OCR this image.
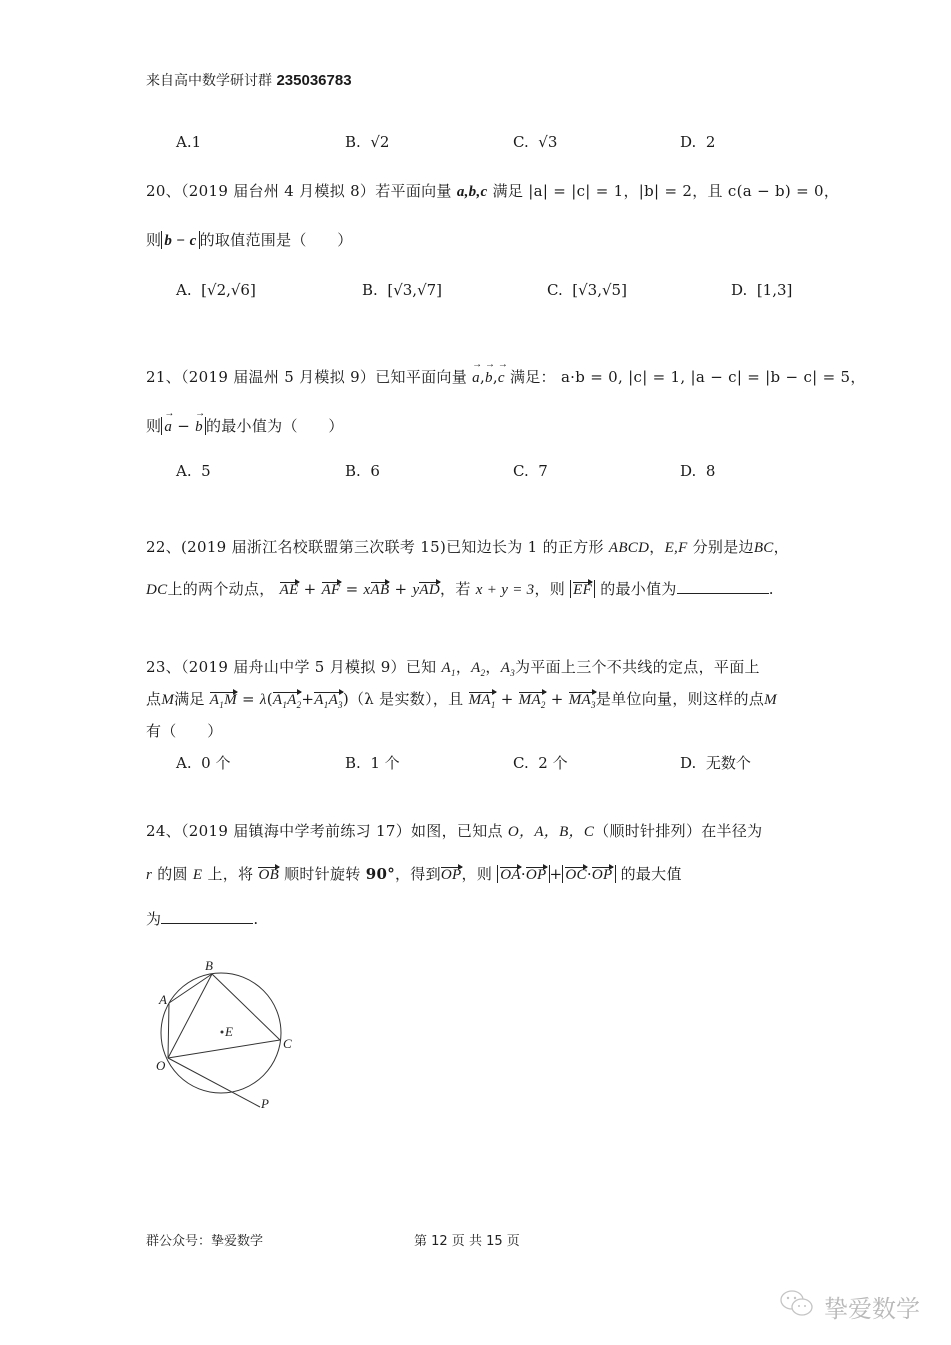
来自高中数学研讨群 235036783
A.1	B. √2	C. √3	D. 2
20、（2019 届台州 4 月模拟 8）若平面向量 a,b,c 满足 |a| = |c| = 1，|b| = 2，且 c(a − b) = 0，
则 b − c 的取值范围是（　　）
A. [√2,√6]	B. [√3,√7]	C. [√3,√5]	D. [1,3]
21、（2019 届温州 5 月模拟 9）已知平面向量 → a,→ b,→ c 满足： a·b = 0, |c| = 1, |a − c| = |b − c| = 5，
则 → a − → b 的最小值为（　　）
A. 5	B. 6	C. 7	D. 8
22、(2019 届浙江名校联盟第三次联考 15)已知边长为 1 的正方形 ABCD，E,F 分别是边BC，
DC上的两个动点， AE + AF = xAB + yAD，若 x + y = 3，则 EF 的最小值为	.
23、（2019 届舟山中学 5 月模拟 9）已知 $A_1$，$A_2$，$A_3$为平面上三个不共线的定点，平面上
点M满足 $A_1M = \lambda(A_1A_2+A_1A_3)(\lambda$ 是实数），且 $MA_1 + MA_2 + MA_3$是单位向量，则这样的点M
有（　　）
A. 0 个	B. 1 个	C. 2 个	D. 无数个
24、（2019 届镇海中学考前练习 17）如图，已知点 O，A，B，C（顺时针排列）在半径为
r 的圆 E 上，将 OB 顺时针旋转 90°，得到OP，则 OA·OP + OC·OP 的最大值
为	.
B
A
E
C
O
P
群公众号：挚爱数学	第 12 页 共 15 页
挚爱数学
